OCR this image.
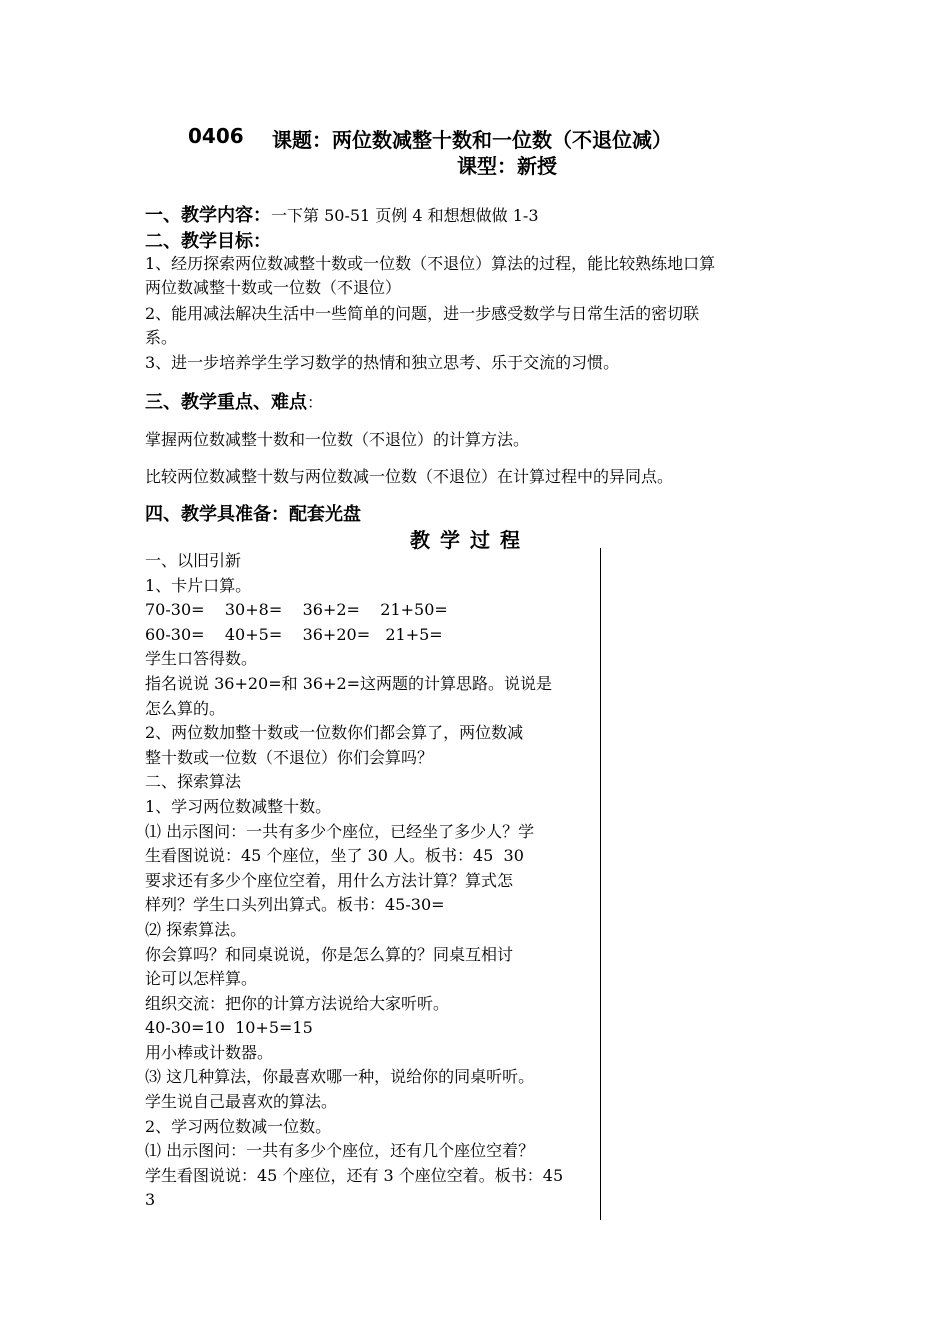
0406 课题：两位数减整十数和一位数（不退位减）
课型：新授
一、教学内容：一下第 50-51 页例 4 和想想做做 1-3
二、教学目标：
1、经历探索两位数减整十数或一位数（不退位）算法的过程，能比较熟练地口算
两位数减整十数或一位数（不退位）
2、能用减法解决生活中一些简单的问题，进一步感受数学与日常生活的密切联
系。
3、进一步培养学生学习数学的热情和独立思考、乐于交流的习惯。
三、教学重点、难点：
掌握两位数减整十数和一位数（不退位）的计算方法。
比较两位数减整十数与两位数减一位数（不退位）在计算过程中的异同点。
四、教学具准备：配套光盘
教学过程
一、以旧引新
1、卡片口算。
70-30=    30+8=    36+2=    21+50=
60-30=    40+5=    36+20=   21+5=
学生口答得数。
指名说说 36+20=和 36+2=这两题的计算思路。说说是
怎么算的。
2、两位数加整十数或一位数你们都会算了，两位数减
整十数或一位数（不退位）你们会算吗？
二、探索算法
1、学习两位数减整十数。
⑴ 出示图问：一共有多少个座位，已经坐了多少人？学
生看图说说：45 个座位，坐了 30 人。板书：45  30
要求还有多少个座位空着，用什么方法计算？算式怎
样列？学生口头列出算式。板书：45-30=
⑵ 探索算法。
你会算吗？和同桌说说，你是怎么算的？同桌互相讨
论可以怎样算。
组织交流：把你的计算方法说给大家听听。
40-30=10  10+5=15
用小棒或计数器。
⑶ 这几种算法，你最喜欢哪一种，说给你的同桌听听。
学生说自己最喜欢的算法。
2、学习两位数减一位数。
⑴ 出示图问：一共有多少个座位，还有几个座位空着？
学生看图说说：45 个座位，还有 3 个座位空着。板书：45
3
